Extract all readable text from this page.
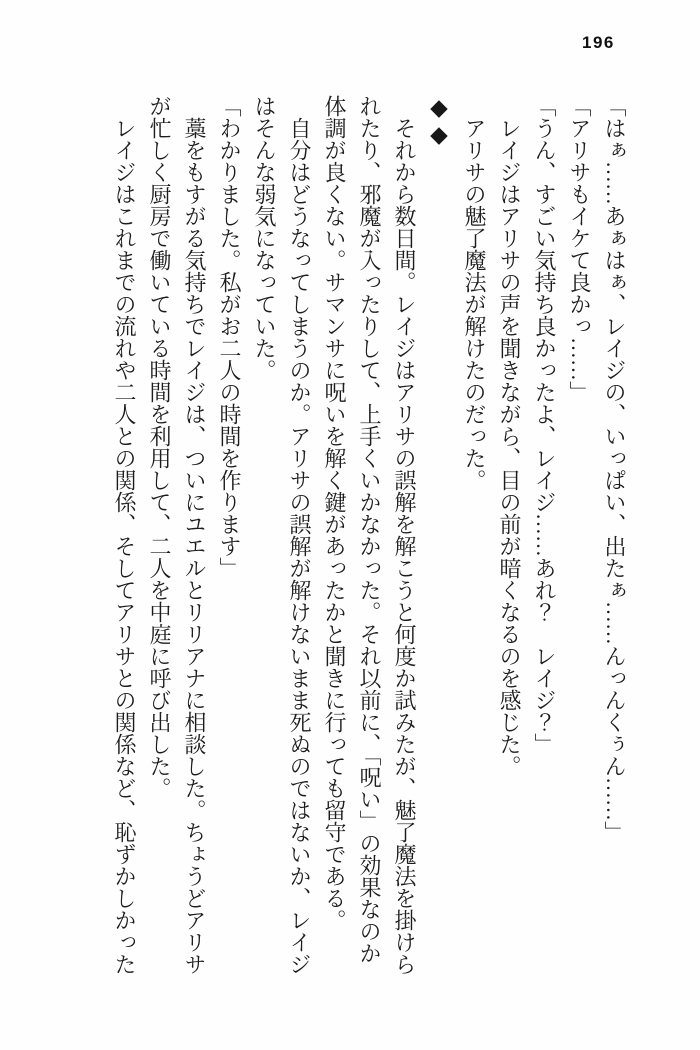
196

「はぁ……あぁはぁ、レイジの、いっぱい、出たぁ……んっんくぅん……」

「アリサもイケて良かっ……」

「うん、すごい気持ち良かったよ、レイジ……あれ？　レイジ？」

レイジはアリサの声を聞きながら、目の前が暗くなるのを感じた。

アリサの魅了魔法が解けたのだった。

◆◆

それから数日間。レイジはアリサの誤解を解こうと何度か試みたが、魅了魔法を掛けられたり、邪魔が入ったりして、上手くいかなかった。それ以前に、「呪い」の効果なのか体調が良くない。サマンサに呪いを解く鍵があったかと聞きに行っても留守である。

自分はどうなってしまうのか。アリサの誤解が解けないまま死ぬのではないか、レイジはそんな弱気になっていた。

「わかりました。私がお二人の時間を作ります」

藁をもすがる気持ちでレイジは、ついにユエルとリリアナに相談した。ちょうどアリサが忙しく厨房で働いている時間を利用して、二人を中庭に呼び出した。

レイジはこれまでの流れや二人との関係、そしてアリサとの関係など、恥ずかしかった
